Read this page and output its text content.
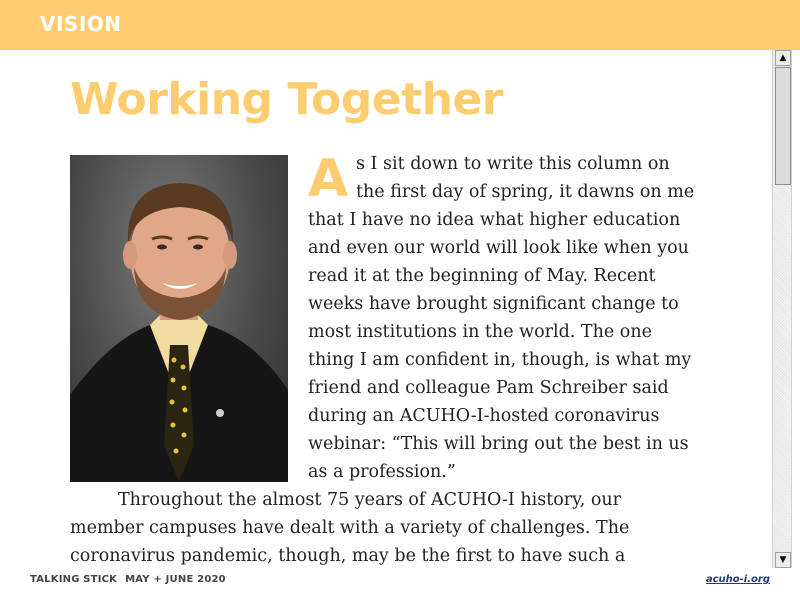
VISION
Working Together
A s I sit down to write this column on
the first day of spring, it dawns on me
that I have no idea what higher education
and even our world will look like when you
read it at the beginning of May. Recent
weeks have brought significant change to
most institutions in the world. The one
thing I am confident in, though, is what my
friend and colleague Pam Schreiber said
during an ACUHO-I-hosted coronavirus
webinar: “This will bring out the best in us
as a profession.”
Throughout the almost 75 years of ACUHO-I history, our
member campuses have dealt with a variety of challenges. The
coronavirus pandemic, though, may be the first to have such a
▲
▼
TALKING STICK MAY + JUNE 2020	acuho-i.org
